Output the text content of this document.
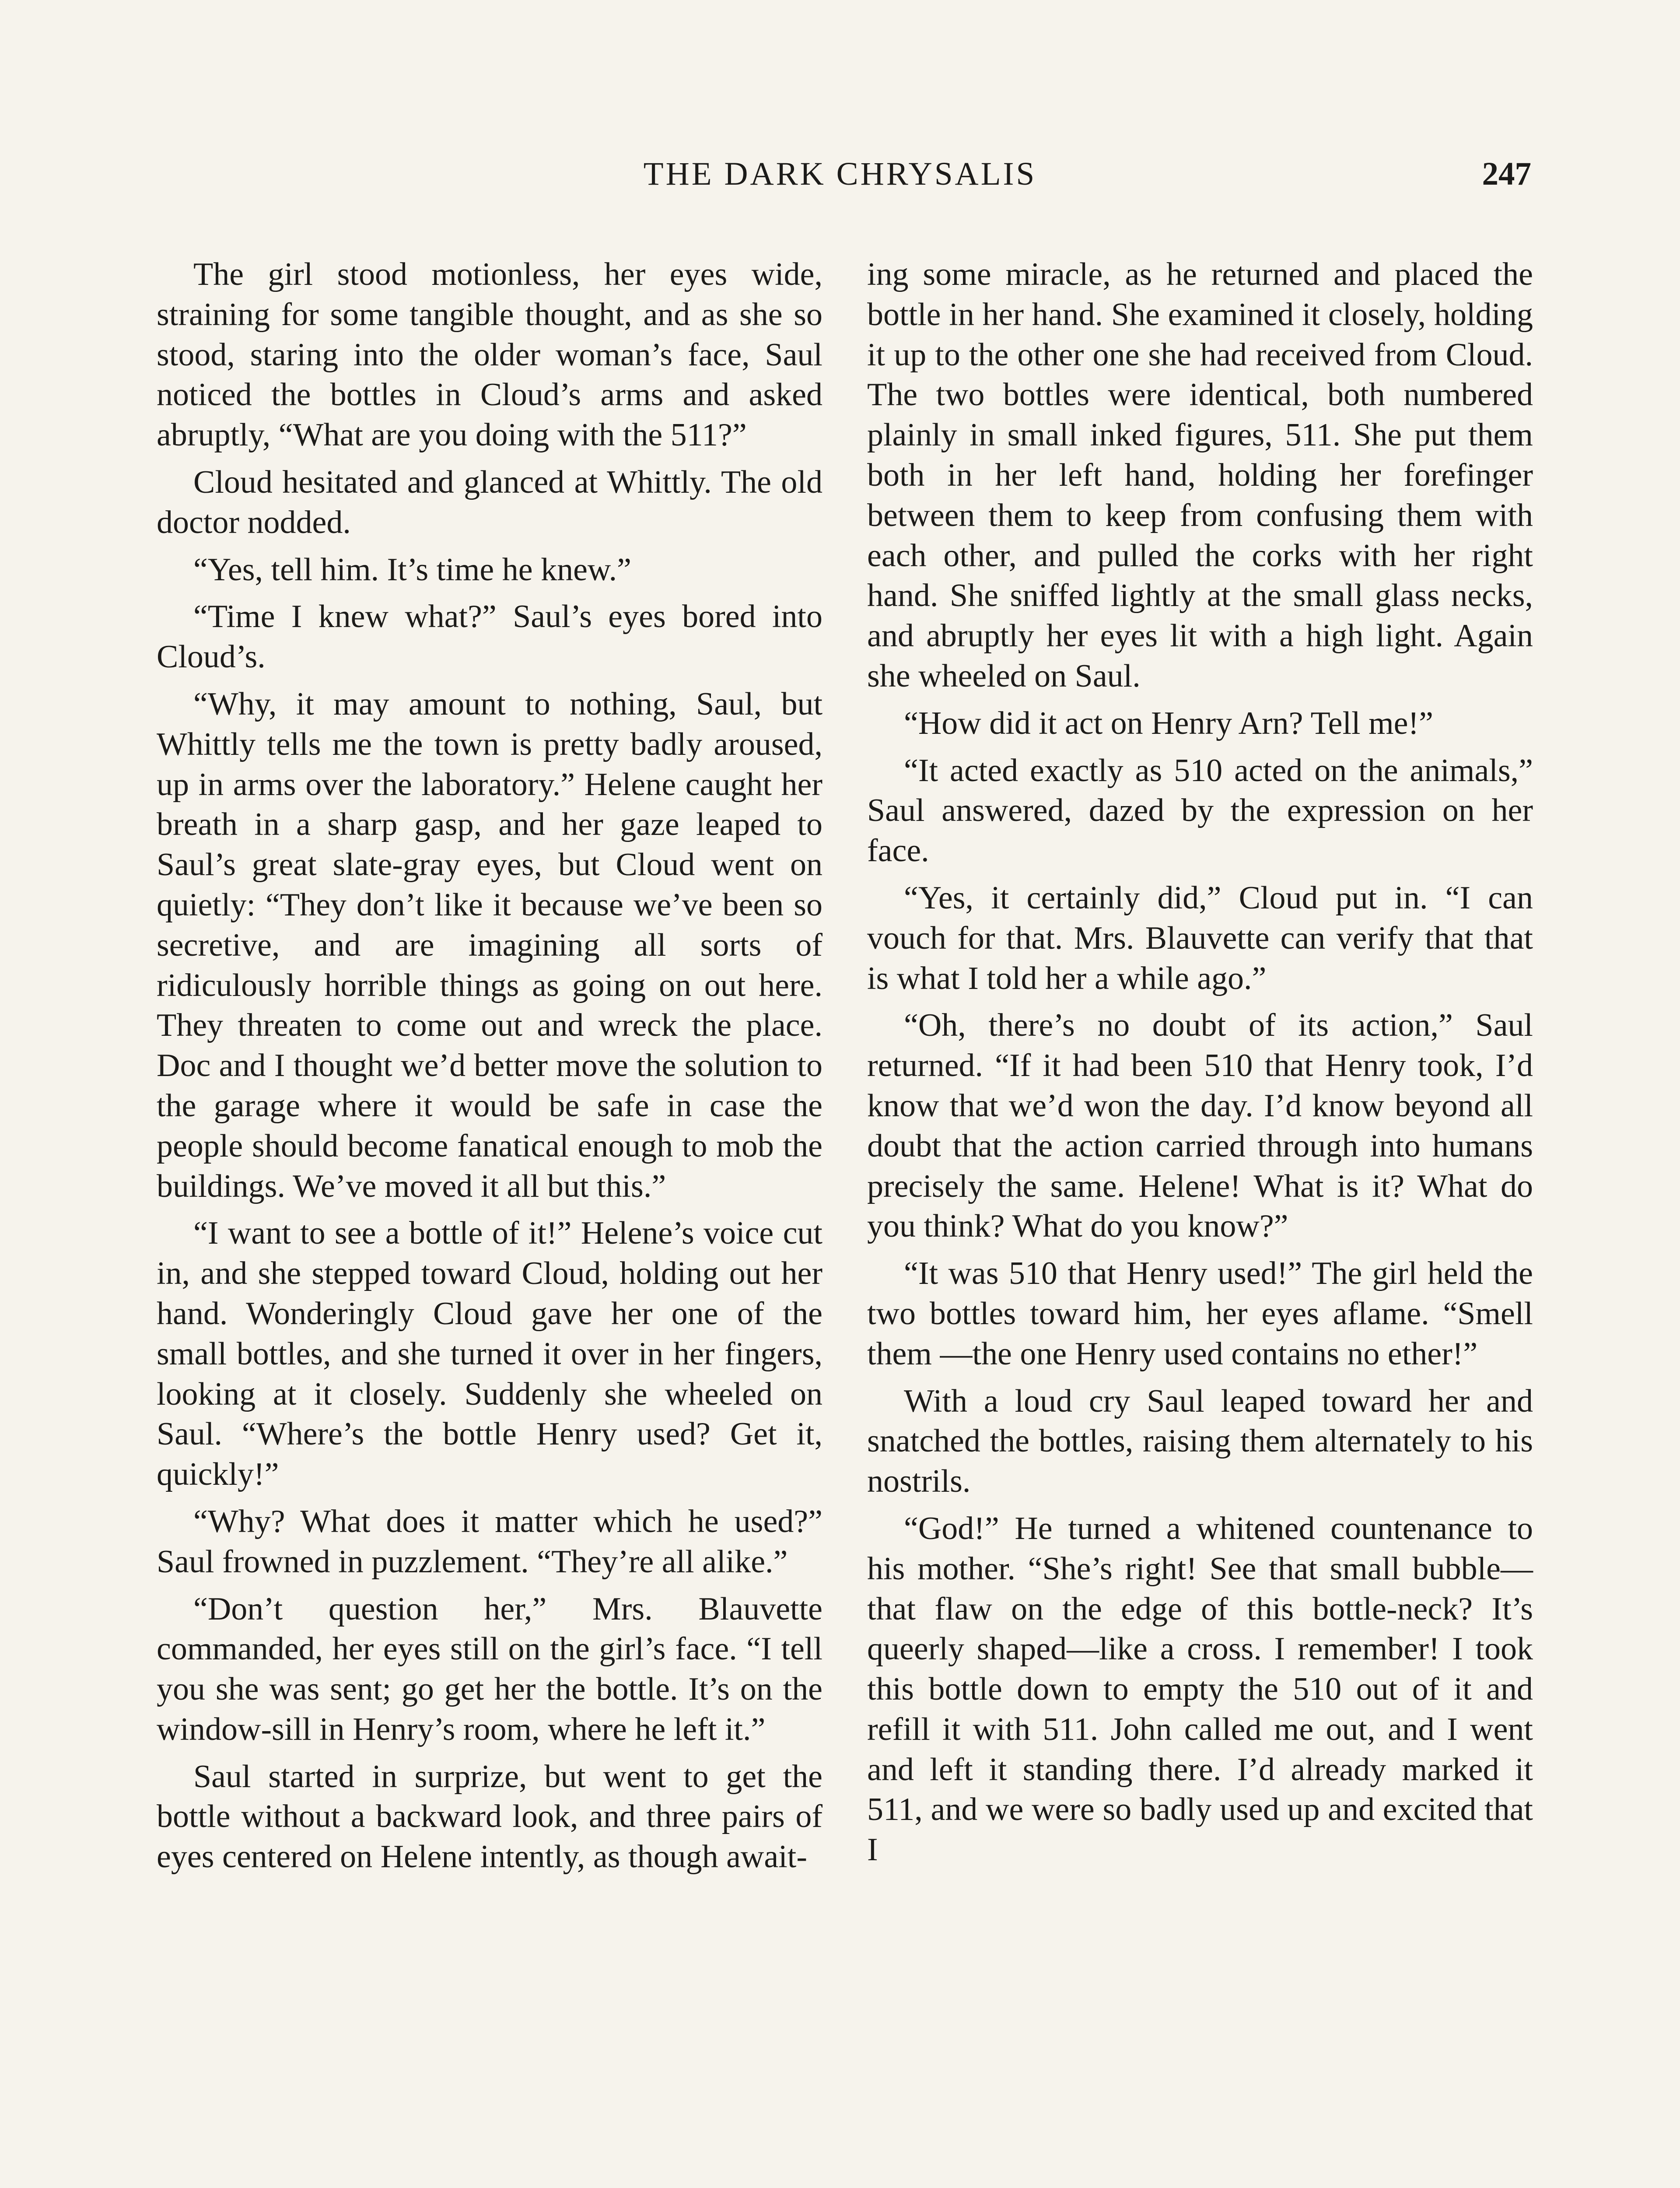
THE DARK CHRYSALIS	247

The girl stood motionless, her eyes wide, straining for some tangible thought, and as she so stood, staring into the older woman’s face, Saul noticed the bottles in Cloud’s arms and asked abruptly, “What are you doing with the 511?”

Cloud hesitated and glanced at Whittly. The old doctor nodded.

“Yes, tell him. It’s time he knew.”

“Time I knew what?” Saul’s eyes bored into Cloud’s.

“Why, it may amount to nothing, Saul, but Whittly tells me the town is pretty badly aroused, up in arms over the laboratory.” Helene caught her breath in a sharp gasp, and her gaze leaped to Saul’s great slate-gray eyes, but Cloud went on quietly: “They don’t like it because we’ve been so secretive, and are imagining all sorts of ridiculously horrible things as going on out here. They threaten to come out and wreck the place. Doc and I thought we’d better move the solution to the garage where it would be safe in case the people should become fanatical enough to mob the buildings. We’ve moved it all but this.”

“I want to see a bottle of it!” Helene’s voice cut in, and she stepped toward Cloud, holding out her hand. Wonderingly Cloud gave her one of the small bottles, and she turned it over in her fingers, looking at it closely. Suddenly she wheeled on Saul. “Where’s the bottle Henry used? Get it, quickly!”

“Why? What does it matter which he used?” Saul frowned in puzzlement. “They’re all alike.”

“Don’t question her,” Mrs. Blauvette commanded, her eyes still on the girl’s face. “I tell you she was sent; go get her the bottle. It’s on the window-sill in Henry’s room, where he left it.”

Saul started in surprize, but went to get the bottle without a backward look, and three pairs of eyes centered on Helene intently, as though await-

ing some miracle, as he returned and placed the bottle in her hand. She examined it closely, holding it up to the other one she had received from Cloud. The two bottles were identical, both numbered plainly in small inked figures, 511. She put them both in her left hand, holding her forefinger between them to keep from confusing them with each other, and pulled the corks with her right hand. She sniffed lightly at the small glass necks, and abruptly her eyes lit with a high light. Again she wheeled on Saul.

“How did it act on Henry Arn? Tell me!”

“It acted exactly as 510 acted on the animals,” Saul answered, dazed by the expression on her face.

“Yes, it certainly did,” Cloud put in. “I can vouch for that. Mrs. Blauvette can verify that that is what I told her a while ago.”

“Oh, there’s no doubt of its action,” Saul returned. “If it had been 510 that Henry took, I’d know that we’d won the day. I’d know beyond all doubt that the action carried through into humans precisely the same. Helene! What is it? What do you think? What do you know?”

“It was 510 that Henry used!” The girl held the two bottles toward him, her eyes aflame. “Smell them —the one Henry used contains no ether!”

With a loud cry Saul leaped toward her and snatched the bottles, raising them alternately to his nostrils.

“God!” He turned a whitened countenance to his mother. “She’s right! See that small bubble—that flaw on the edge of this bottle-neck? It’s queerly shaped—like a cross. I remember! I took this bottle down to empty the 510 out of it and refill it with 511. John called me out, and I went and left it standing there. I’d already marked it 511, and we were so badly used up and excited that I
